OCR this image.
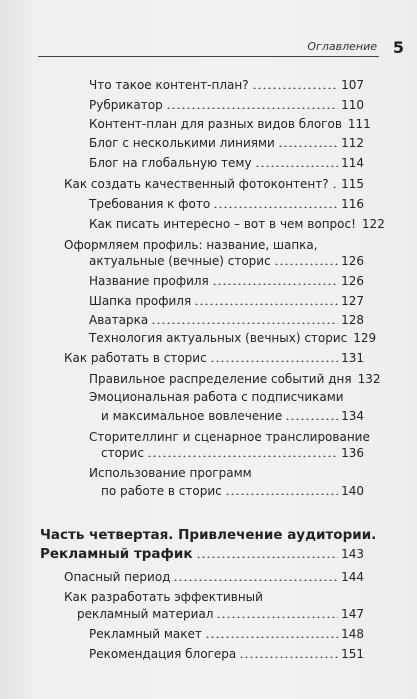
Оглавление 5
Что такое контент-план?	107
Рубрикатор	110
Контент-план для разных видов блогов 111
Блог с несколькими линиями	112
Блог на глобальную тему	114
Как создать качественный фотоконтент? 115
Требования к фото	116
Как писать интересно – вот в чем вопрос! 122
Оформляем профиль: название, шапка,
актуальные (вечные) сторис	126
Название профиля	126
Шапка профиля	127
Аватарка	128
Технология актуальных (вечных) сторис 129
Как работать в сторис	131
Правильное распределение событий дня 132
Эмоциональная работа с подписчиками
и максимальное вовлечение	134
Сторителлинг и сценарное транслирование
сторис	136
Использование программ
по работе в сторис	140
Часть четвертая. Привлечение аудитории.
Рекламный трафик	143
Опасный период	144
Как разработать эффективный
рекламный материал	147
Рекламный макет	148
Рекомендация блогера	151
